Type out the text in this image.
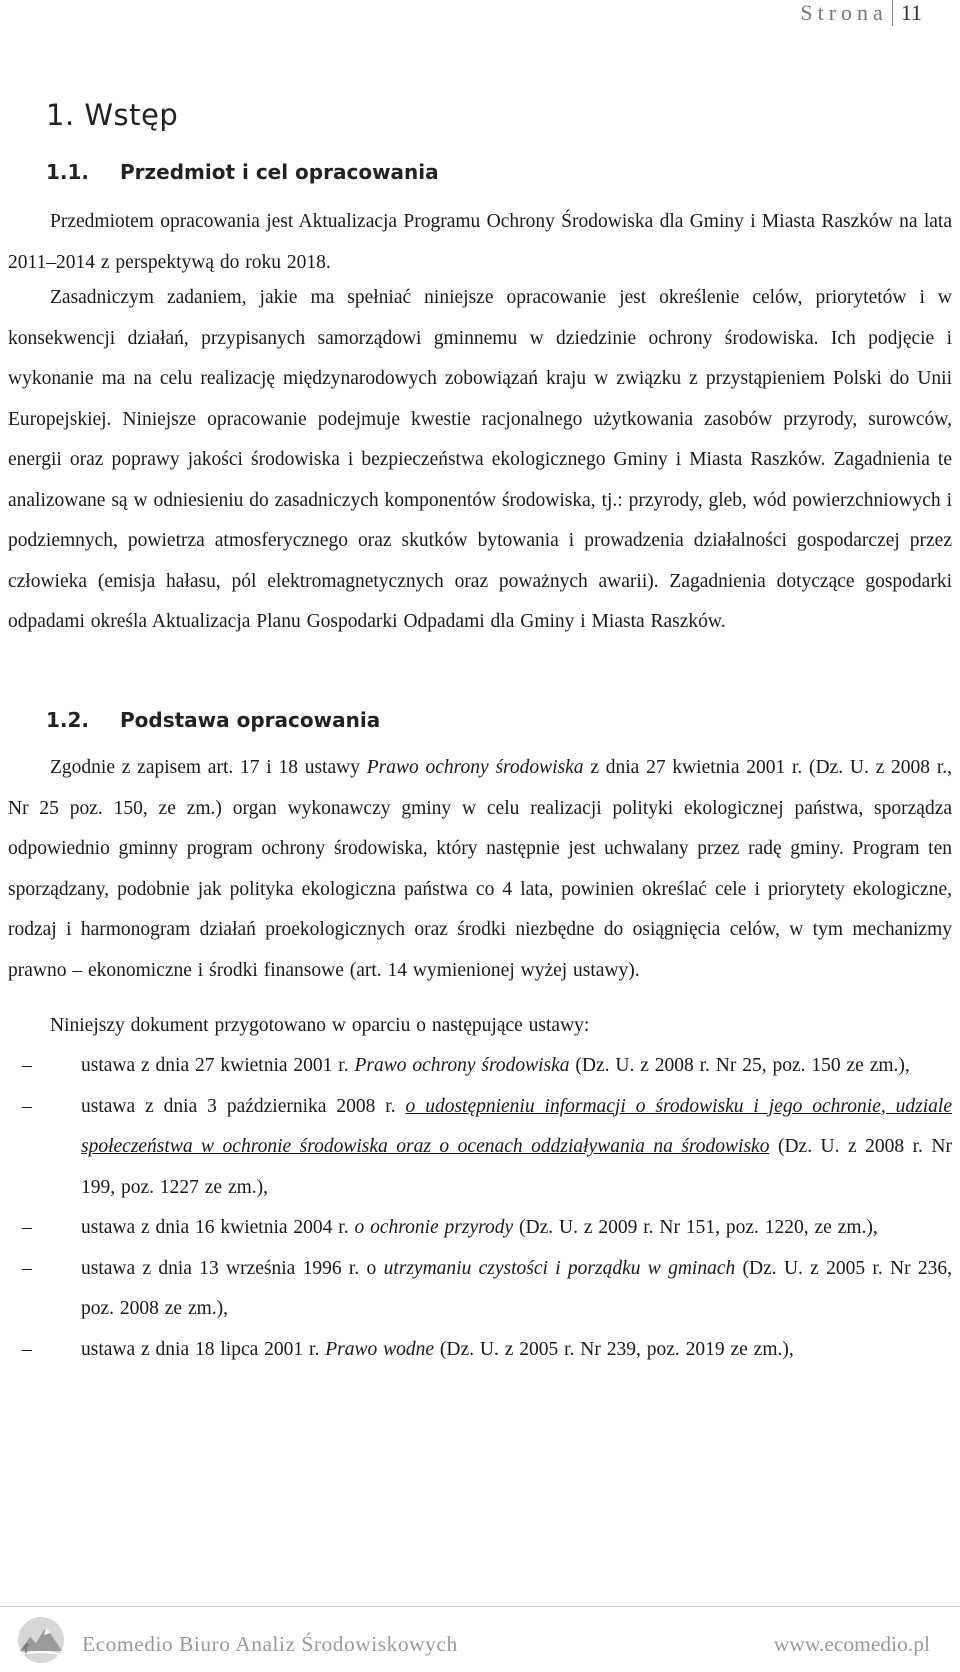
Strona 11
1. Wstęp
1.1. Przedmiot i cel opracowania

Przedmiotem opracowania jest Aktualizacja Programu Ochrony Środowiska dla Gminy i Miasta Raszków na lata 2011–2014 z perspektywą do roku 2018.

Zasadniczym zadaniem, jakie ma spełniać niniejsze opracowanie jest określenie celów, priorytetów i w konsekwencji działań, przypisanych samorządowi gminnemu w dziedzinie ochrony środowiska. Ich podjęcie i wykonanie ma na celu realizację międzynarodowych zobowiązań kraju w związku z przystąpieniem Polski do Unii Europejskiej. Niniejsze opracowanie podejmuje kwestie racjonalnego użytkowania zasobów przyrody, surowców, energii oraz poprawy jakości środowiska i bezpieczeństwa ekologicznego Gminy i Miasta Raszków. Zagadnienia te analizowane są w odniesieniu do zasadniczych komponentów środowiska, tj.: przyrody, gleb, wód powierzchniowych i podziemnych, powietrza atmosferycznego oraz skutków bytowania i prowadzenia działalności gospodarczej przez człowieka (emisja hałasu, pól elektromagnetycznych oraz poważnych awarii). Zagadnienia dotyczące gospodarki odpadami określa Aktualizacja Planu Gospodarki Odpadami dla Gminy i Miasta Raszków.

1.2. Podstawa opracowania

Zgodnie z zapisem art. 17 i 18 ustawy Prawo ochrony środowiska z dnia 27 kwietnia 2001 r. (Dz. U. z 2008 r., Nr 25 poz. 150, ze zm.) organ wykonawczy gminy w celu realizacji polityki ekologicznej państwa, sporządza odpowiednio gminny program ochrony środowiska, który następnie jest uchwalany przez radę gminy. Program ten sporządzany, podobnie jak polityka ekologiczna państwa co 4 lata, powinien określać cele i priorytety ekologiczne, rodzaj i harmonogram działań proekologicznych oraz środki niezbędne do osiągnięcia celów, w tym mechanizmy prawno – ekonomiczne i środki finansowe (art. 14 wymienionej wyżej ustawy).

Niniejszy dokument przygotowano w oparciu o następujące ustawy:

–	ustawa z dnia 27 kwietnia 2001 r. Prawo ochrony środowiska (Dz. U. z 2008 r. Nr 25, poz. 150 ze zm.),
–	ustawa z dnia 3 października 2008 r. o udostępnieniu informacji o środowisku i jego ochronie, udziale społeczeństwa w ochronie środowiska oraz o ocenach oddziaływania na środowisko (Dz. U. z 2008 r. Nr 199, poz. 1227 ze zm.),
–	ustawa z dnia 16 kwietnia 2004 r. o ochronie przyrody (Dz. U. z 2009 r. Nr 151, poz. 1220, ze zm.),
–	ustawa z dnia 13 września 1996 r. o utrzymaniu czystości i porządku w gminach (Dz. U. z 2005 r. Nr 236, poz. 2008 ze zm.),
–	ustawa z dnia 18 lipca 2001 r. Prawo wodne (Dz. U. z 2005 r. Nr 239, poz. 2019 ze zm.),
Ecomedio Biuro Analiz Środowiskowych	www.ecomedio.pl
